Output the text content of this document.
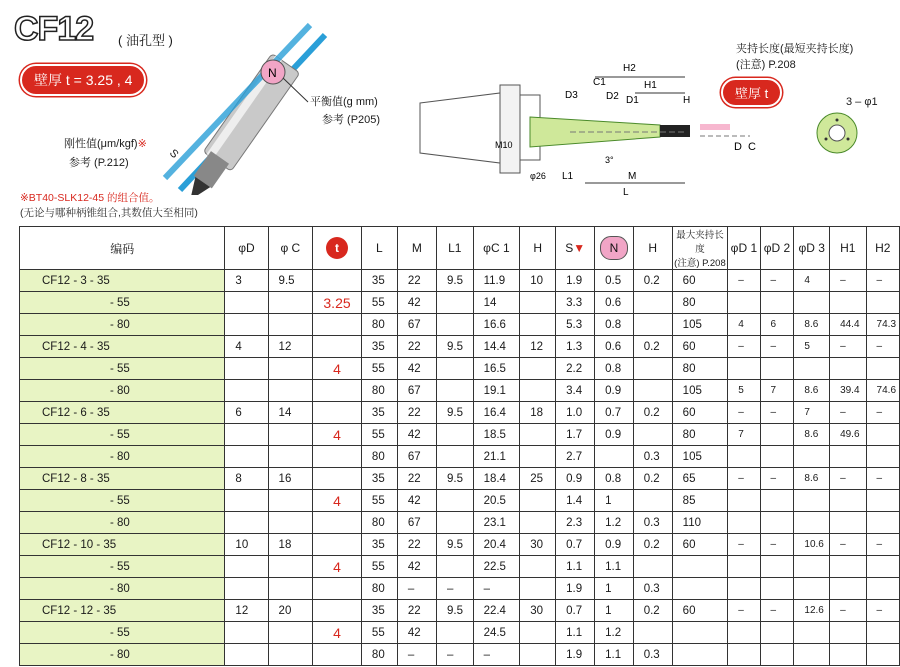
CF12 ( 油孔型 )
壁厚 t = 3.25 , 4	N
平衡值(g mm)
参考 (P205)
刚性值(μm/kgf)※
参考 (P.212)
S
※BT40-SLK12-45 的组合值。
(无论与哪种柄锥组合,其数值大至相同)
H2
H1
C1
D2 D1
D3	H
M10
φ26 L1	M
L
3°
D C
夹持长度(最短夹持长度)
(注意) P.208
壁厚 t
3 – φ1
编码	φD	φ C	t	L	M	L1	φC 1	H	S▼	N	H	最大夹持长度
(注意) P.208	φD 1	φD 2	φD 3	H1	H2
CF12 - 3 - 35	3	9.5		35	22	9.5	11.9	10	1.9	0.5	0.2	60	–	–	4	–	–
- 55			3.25	55	42		14		3.3	0.6		80					
- 80				80	67		16.6		5.3	0.8		105	4	6	8.6	44.4	74.3
CF12 - 4 - 35	4	12		35	22	9.5	14.4	12	1.3	0.6	0.2	60	–	–	5	–	–
- 55			4	55	42		16.5		2.2	0.8		80					
- 80				80	67		19.1		3.4	0.9		105	5	7	8.6	39.4	74.6
CF12 - 6 - 35	6	14		35	22	9.5	16.4	18	1.0	0.7	0.2	60	–	–	7	–	–
- 55			4	55	42		18.5		1.7	0.9		80	7		8.6	49.6	
- 80				80	67		21.1		2.7		0.3	105					
CF12 - 8 - 35	8	16		35	22	9.5	18.4	25	0.9	0.8	0.2	65	–	–	8.6	–	–
- 55			4	55	42		20.5		1.4	1		85					
- 80				80	67		23.1		2.3	1.2	0.3	110					
CF12 - 10 - 35	10	18		35	22	9.5	20.4	30	0.7	0.9	0.2	60	–	–	10.6	–	–
- 55			4	55	42		22.5		1.1	1.1							
- 80				80	–	–	–		1.9	1	0.3						
CF12 - 12 - 35	12	20		35	22	9.5	22.4	30	0.7	1	0.2	60	–	–	12.6	–	–
- 55			4	55	42		24.5		1.1	1.2							
- 80				80	–	–	–		1.9	1.1	0.3						
